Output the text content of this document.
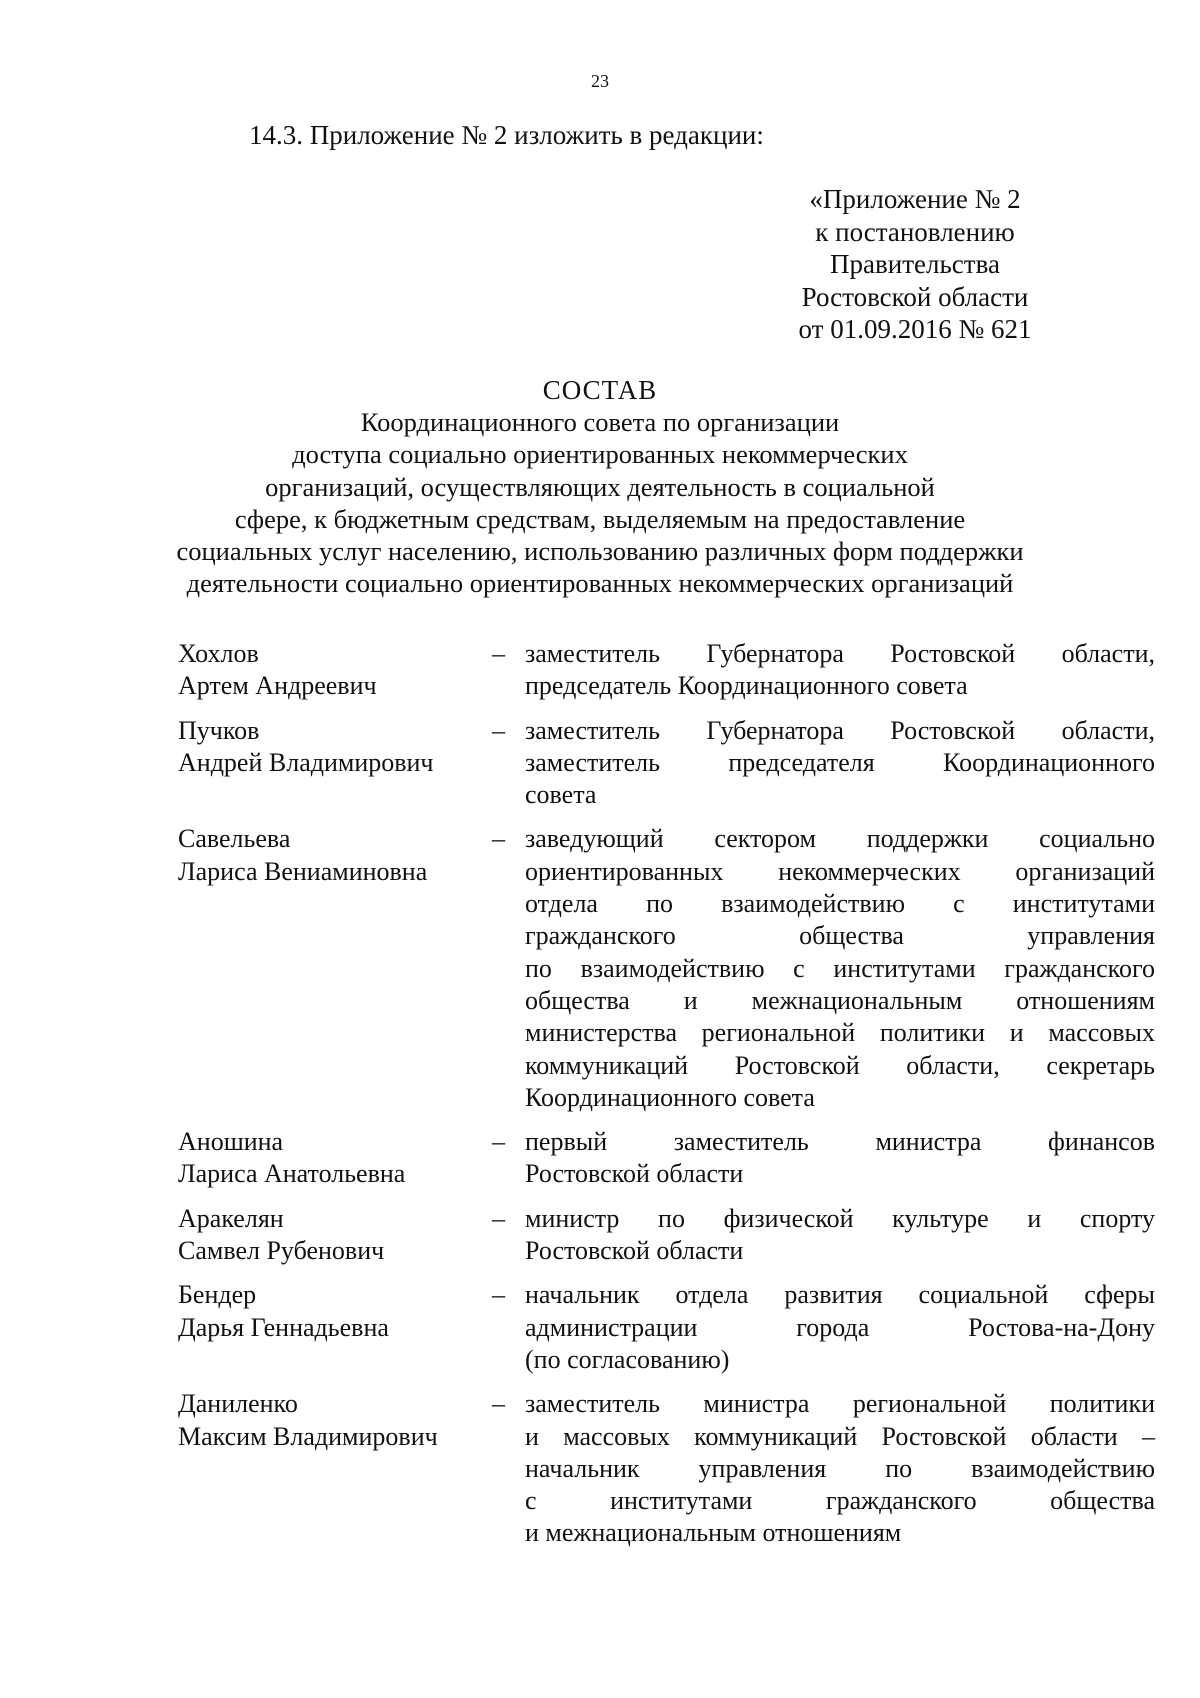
23
14.3. Приложение № 2 изложить в редакции:
«Приложение № 2
к постановлению
Правительства
Ростовской области
от 01.09.2016 № 621
СОСТАВ
Координационного совета по организации
доступа социально ориентированных некоммерческих
организаций, осуществляющих деятельность в социальной
сфере, к бюджетным средствам, выделяемым на предоставление
социальных услуг населению, использованию различных форм поддержки
деятельности социально ориентированных некоммерческих организаций
Хохлов
Артем Андреевич
– заместитель Губернатора Ростовской области,
председатель Координационного совета
Пучков
Андрей Владимирович
– заместитель Губернатора Ростовской области,
заместитель председателя Координационного
совета
Савельева
Лариса Вениаминовна
– заведующий сектором поддержки социально
ориентированных некоммерческих организаций
отдела по взаимодействию с институтами
гражданского общества управления
по взаимодействию с институтами гражданского
общества и межнациональным отношениям
министерства региональной политики и массовых
коммуникаций Ростовской области, секретарь
Координационного совета
Аношина
Лариса Анатольевна
– первый заместитель министра финансов
Ростовской области
Аракелян
Самвел Рубенович
– министр по физической культуре и спорту
Ростовской области
Бендер
Дарья Геннадьевна
– начальник отдела развития социальной сферы
администрации города Ростова-на-Дону
(по согласованию)
Даниленко
Максим Владимирович
– заместитель министра региональной политики
и массовых коммуникаций Ростовской области –
начальник управления по взаимодействию
с институтами гражданского общества
и межнациональным отношениям
